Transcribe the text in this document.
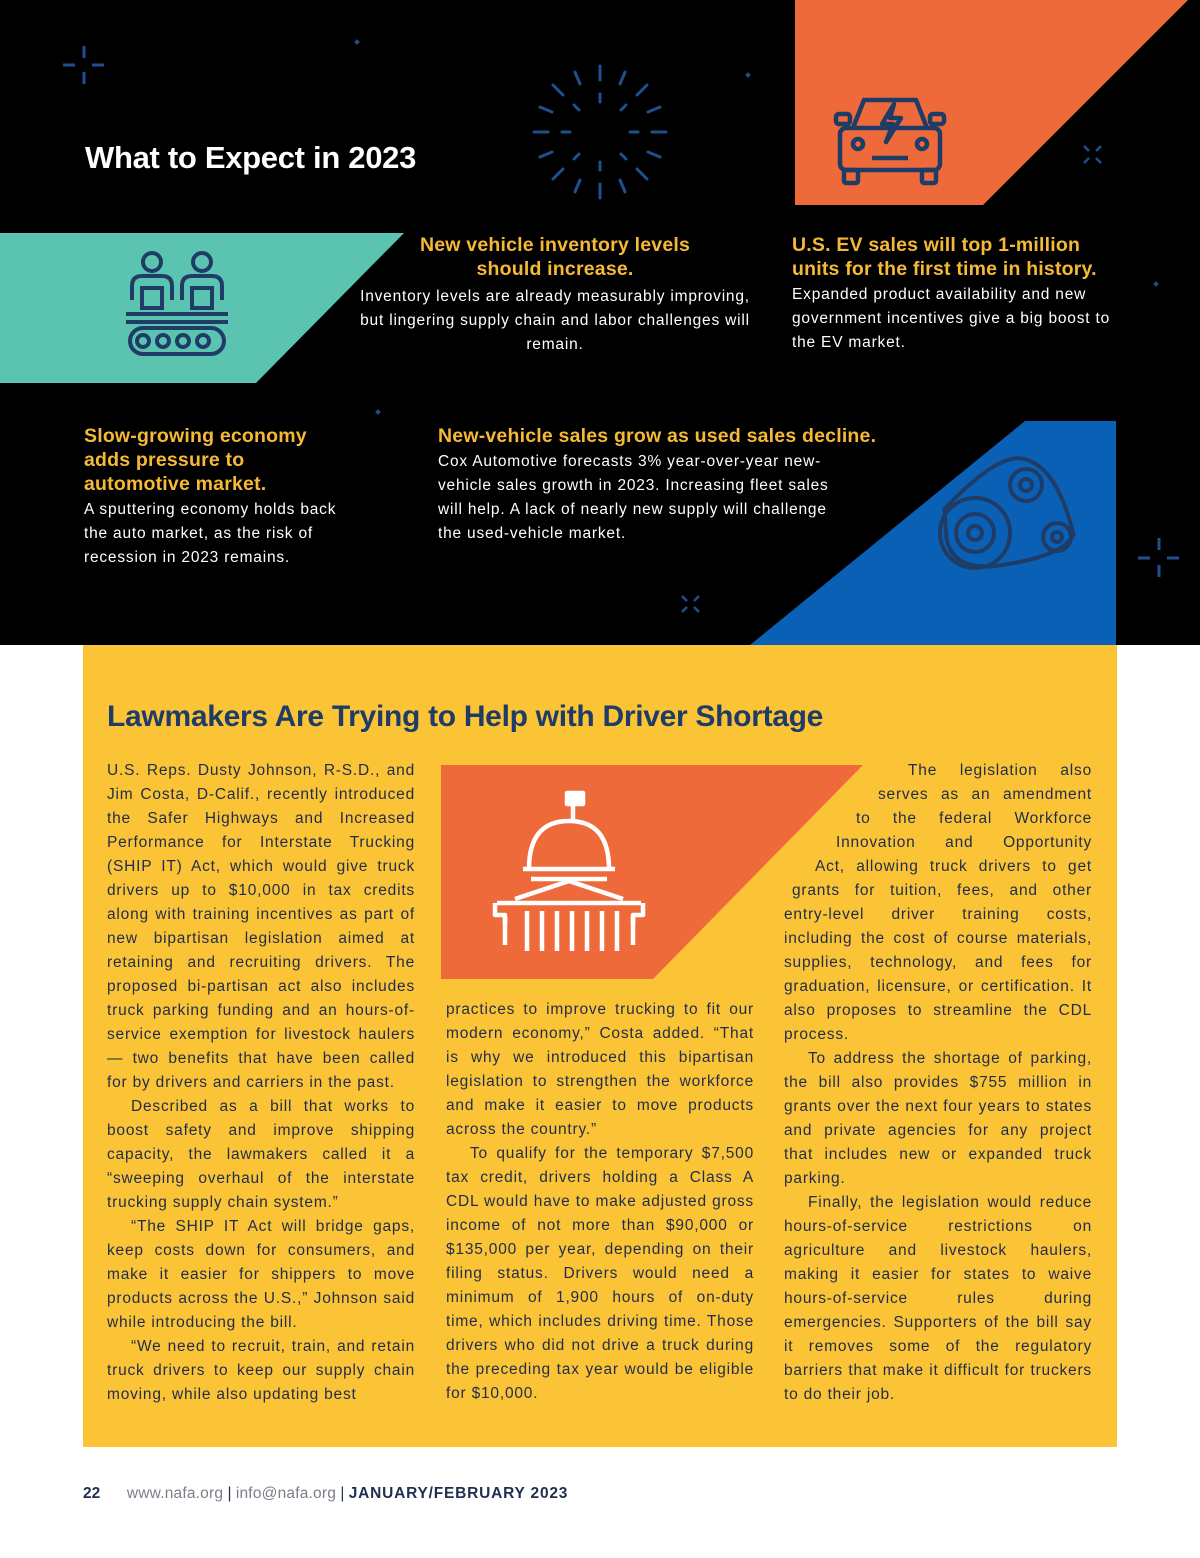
What to Expect in 2023
New vehicle inventory levels should increase.
Inventory levels are already measurably improving, but lingering supply chain and labor challenges will remain.
U.S. EV sales will top 1-million units for the first time in history.
Expanded product availability and new government incentives give a big boost to the EV market.
Slow-growing economy adds pressure to automotive market.
A sputtering economy holds back the auto market, as the risk of recession in 2023 remains.
New-vehicle sales grow as used sales decline.
Cox Automotive forecasts 3% year-over-year new-vehicle sales growth in 2023. Increasing fleet sales will help. A lack of nearly new supply will challenge the used-vehicle market.
Lawmakers Are Trying to Help with Driver Shortage

U.S. Reps. Dusty Johnson, R-S.D., and Jim Costa, D-Calif., recently introduced the Safer Highways and Increased Performance for Interstate Trucking (SHIP IT) Act, which would give truck drivers up to $10,000 in tax credits along with training incentives as part of new bipartisan legislation aimed at retaining and recruiting drivers. The proposed bi-partisan act also includes truck parking funding and an hours-of-service exemption for livestock haulers — two benefits that have been called for by drivers and carriers in the past.

Described as a bill that works to boost safety and improve shipping capacity, the lawmakers called it a “sweeping overhaul of the interstate trucking supply chain system.”

“The SHIP IT Act will bridge gaps, keep costs down for consumers, and make it easier for shippers to move products across the U.S.,” Johnson said while introducing the bill.

“We need to recruit, train, and retain truck drivers to keep our supply chain moving, while also updating best

practices to improve trucking to fit our modern economy,” Costa added. “That is why we introduced this bipartisan legislation to strengthen the workforce and make it easier to move products across the country.”

To qualify for the temporary $7,500 tax credit, drivers holding a Class A CDL would have to make adjusted gross income of not more than $90,000 or $135,000 per year, depending on their filing status. Drivers would need a minimum of 1,900 hours of on-duty time, which includes driving time. Those drivers who did not drive a truck during the preceding tax year would be eligible for $10,000.

The legislation also
serves as an amendment
to the federal Workforce
Innovation and Opportunity
Act, allowing truck drivers to get
grants for tuition, fees, and other

entry-level driver training costs, including the cost of course materials, supplies, technology, and fees for graduation, licensure, or certification. It also proposes to streamline the CDL process.

To address the shortage of parking, the bill also provides $755 million in grants over the next four years to states and private agencies for any project that includes new or expanded truck parking.

Finally, the legislation would reduce hours-of-service restrictions on agriculture and livestock haulers, making it easier for states to waive hours-of-service rules during emergencies. Supporters of the bill say it removes some of the regulatory barriers that make it difficult for truckers to do their job.

22 www.nafa.org | info@nafa.org | JANUARY/FEBRUARY 2023
